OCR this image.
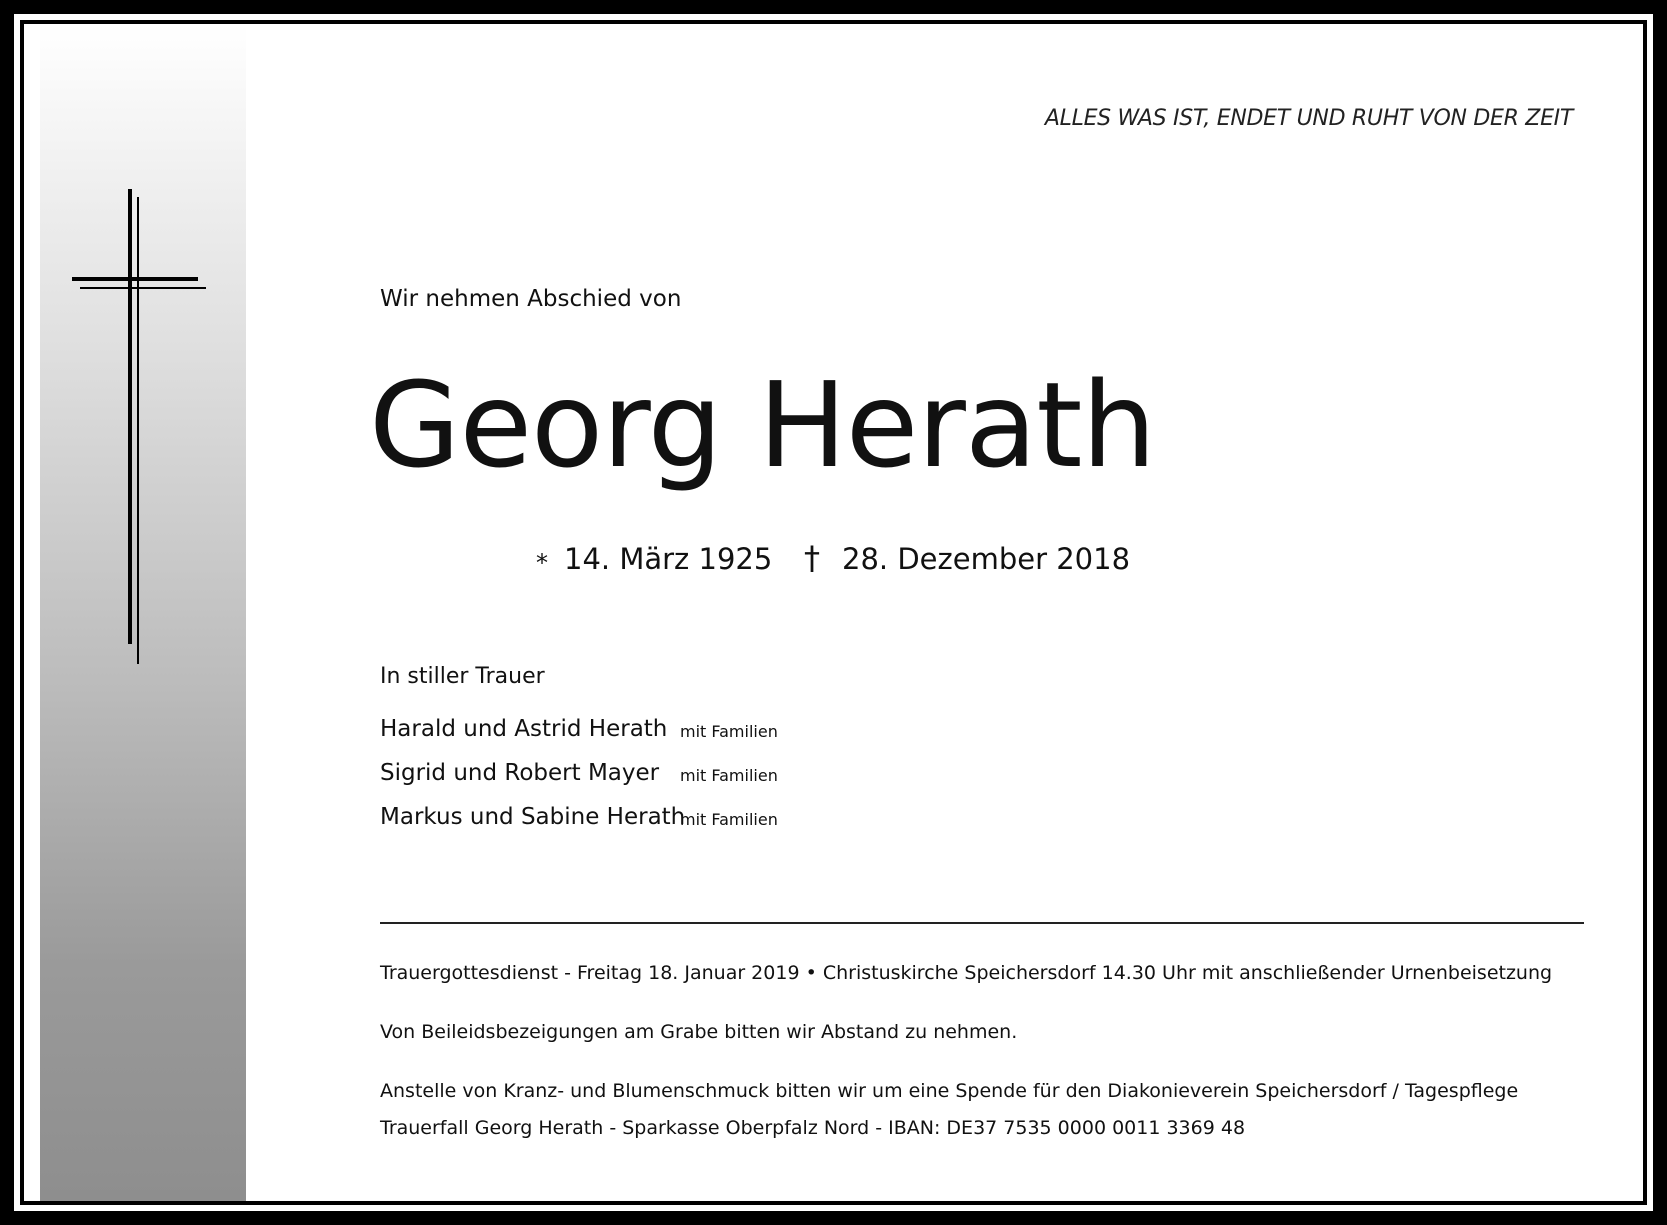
ALLES WAS IST, ENDET UND RUHT VON DER ZEIT
Wir nehmen Abschied von
Georg Herath
* 14. März 1925 † 28. Dezember 2018
In stiller Trauer
Harald und Astrid Herath mit Familien
Sigrid und Robert Mayer mit Familien
Markus und Sabine Herath
mit Familien
Trauergottesdienst - Freitag 18. Januar 2019 • Christuskirche Speichersdorf 14.30 Uhr mit anschließender Urnenbeisetzung
Von Beileidsbezeigungen am Grabe bitten wir Abstand zu nehmen.
Anstelle von Kranz- und Blumenschmuck bitten wir um eine Spende für den Diakonieverein Speichersdorf / Tagespflege
Trauerfall Georg Herath - Sparkasse Oberpfalz Nord - IBAN: DE37 7535 0000 0011 3369 48
